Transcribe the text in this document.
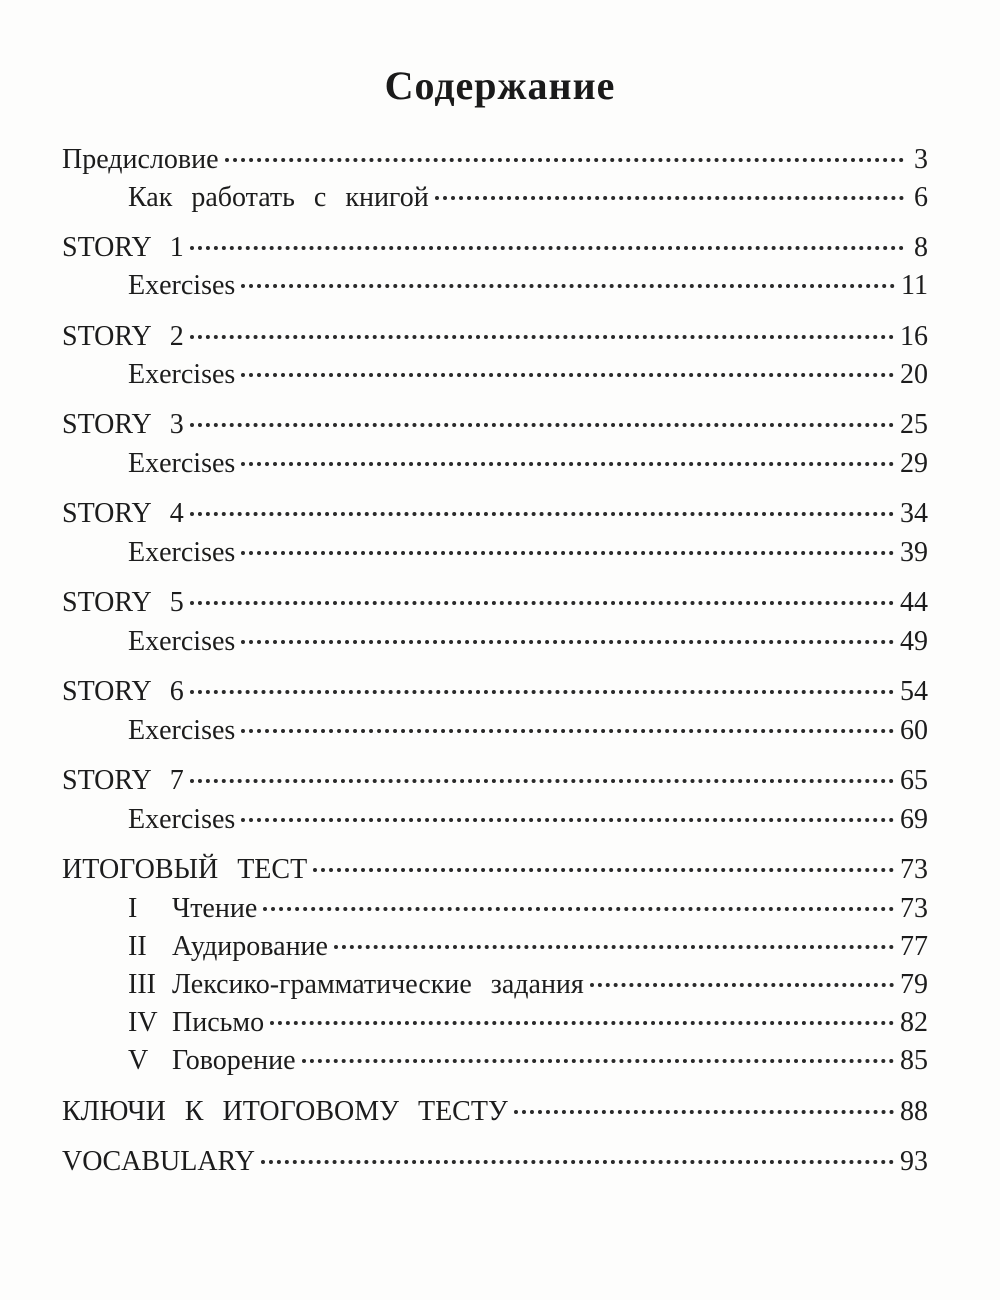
Содержание
Предисловие	3
Как работать с книгой	6
STORY 1	8
Exercises	11
STORY 2	16
Exercises	20
STORY 3	25
Exercises	29
STORY 4	34
Exercises	39
STORY 5	44
Exercises	49
STORY 6	54
Exercises	60
STORY 7	65
Exercises	69
ИТОГОВЫЙ ТЕСТ	73
I Чтение	73
II Аудирование	77
III Лексико-грамматические задания	79
IV Письмо	82
V Говорение	85
КЛЮЧИ К ИТОГОВОМУ ТЕСТУ	88
VOCABULARY	93
